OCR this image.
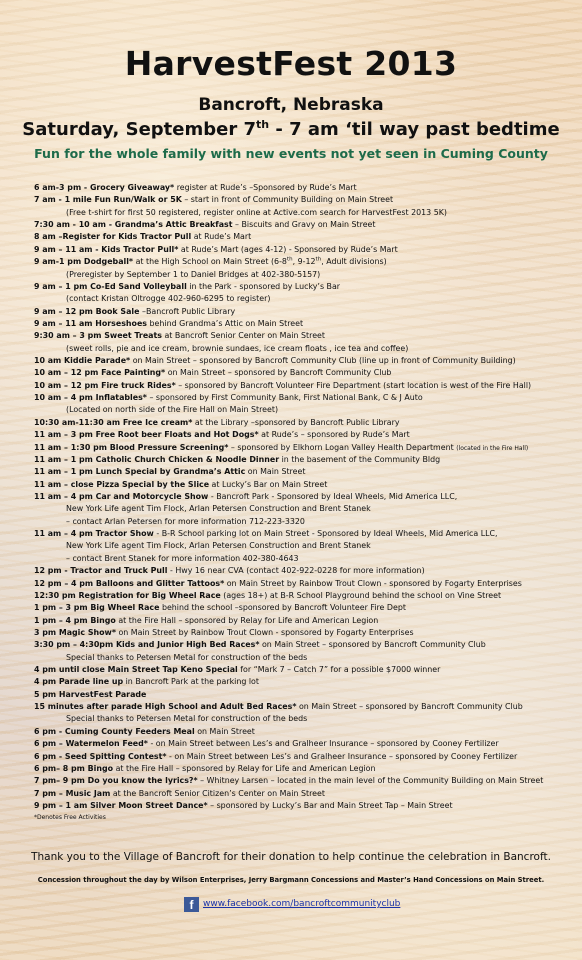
HarvestFest 2013
Bancroft, Nebraska
Saturday, September 7th - 7 am ‘til way past bedtime
Fun for the whole family with new events not yet seen in Cuming County
6 am-3 pm - Grocery Giveaway* register at Rude’s –Sponsored by Rude’s Mart
7 am - 1 mile Fun Run/Walk or 5K – start in front of Community Building on Main Street
(Free t-shirt for first 50 registered, register online at Active.com search for HarvestFest 2013 5K)
7:30 am - 10 am - Grandma’s Attic Breakfast – Biscuits and Gravy on Main Street
8 am –Register for Kids Tractor Pull at Rude’s Mart
9 am – 11 am - Kids Tractor Pull* at Rude’s Mart (ages 4-12) - Sponsored by Rude’s Mart
9 am-1 pm Dodgeball* at the High School on Main Street (6-8th, 9-12th, Adult divisions)
(Preregister by September 1 to Daniel Bridges at 402-380-5157)
9 am – 1 pm Co-Ed Sand Volleyball in the Park - sponsored by Lucky’s Bar
(contact Kristan Oltrogge 402-960-6295 to register)
9 am – 12 pm Book Sale –Bancroft Public Library
9 am – 11 am Horseshoes behind Grandma’s Attic on Main Street
9:30 am – 3 pm Sweet Treats at Bancroft Senior Center on Main Street
(sweet rolls, pie and ice cream, brownie sundaes, ice cream floats , ice tea and coffee)
10 am Kiddie Parade* on Main Street – sponsored by Bancroft Community Club (line up in front of Community Building)
10 am – 12 pm Face Painting* on Main Street – sponsored by Bancroft Community Club
10 am – 12 pm Fire truck Rides* – sponsored by Bancroft Volunteer Fire Department (start location is west of the Fire Hall)
10 am – 4 pm Inflatables* – sponsored by First Community Bank, First National Bank, C & J Auto
(Located on north side of the Fire Hall on Main Street)
10:30 am-11:30 am Free Ice cream* at the Library –sponsored by Bancroft Public Library
11 am – 3 pm Free Root beer Floats and Hot Dogs* at Rude’s – sponsored by Rude’s Mart
11 am – 1:30 pm Blood Pressure Screening* – sponsored by Elkhorn Logan Valley Health Department (located in the Fire Hall)
11 am – 1 pm Catholic Church Chicken & Noodle Dinner in the basement of the Community Bldg
11 am – 1 pm Lunch Special by Grandma’s Attic on Main Street
11 am – close Pizza Special by the Slice at Lucky’s Bar on Main Street
11 am – 4 pm Car and Motorcycle Show - Bancroft Park - Sponsored by Ideal Wheels, Mid America LLC,
New York Life agent Tim Flock, Arlan Petersen Construction and Brent Stanek
– contact Arlan Petersen for more information 712-223-3320
11 am – 4 pm Tractor Show - B-R School parking lot on Main Street - Sponsored by Ideal Wheels, Mid America LLC,
New York Life agent Tim Flock, Arlan Petersen Construction and Brent Stanek
– contact Brent Stanek for more information 402-380-4643
12 pm - Tractor and Truck Pull - Hwy 16 near CVA (contact 402-922-0228 for more information)
12 pm – 4 pm Balloons and Glitter Tattoos* on Main Street by Rainbow Trout Clown - sponsored by Fogarty Enterprises
12:30 pm Registration for Big Wheel Race (ages 18+) at B-R School Playground behind the school on Vine Street
1 pm – 3 pm Big Wheel Race behind the school –sponsored by Bancroft Volunteer Fire Dept
1 pm – 4 pm Bingo at the Fire Hall – sponsored by Relay for Life and American Legion
3 pm Magic Show* on Main Street by Rainbow Trout Clown - sponsored by Fogarty Enterprises
3:30 pm – 4:30pm Kids and Junior High Bed Races* on Main Street – sponsored by Bancroft Community Club
Special thanks to Petersen Metal for construction of the beds
4 pm until close Main Street Tap Keno Special for “Mark 7 – Catch 7” for a possible $7000 winner
4 pm Parade line up in Bancroft Park at the parking lot
5 pm HarvestFest Parade
15 minutes after parade High School and Adult Bed Races* on Main Street – sponsored by Bancroft Community Club
Special thanks to Petersen Metal for construction of the beds
6 pm - Cuming County Feeders Meal on Main Street
6 pm – Watermelon Feed* - on Main Street between Les’s and Gralheer Insurance – sponsored by Cooney Fertilizer
6 pm - Seed Spitting Contest* - on Main Street between Les’s and Gralheer Insurance – sponsored by Cooney Fertilizer
6 pm– 8 pm Bingo at the Fire Hall – sponsored by Relay for Life and American Legion
7 pm– 9 pm Do you know the lyrics?* – Whitney Larsen – located in the main level of the Community Building on Main Street
7 pm – Music Jam at the Bancroft Senior Citizen’s Center on Main Street
9 pm – 1 am Silver Moon Street Dance* – sponsored by Lucky’s Bar and Main Street Tap – Main Street
*Denotes Free Activities
Thank you to the Village of Bancroft for their donation to help continue the celebration in Bancroft.
Concession throughout the day by Wilson Enterprises, Jerry Bargmann Concessions and Master’s Hand Concessions on Main Street.
f	www.facebook.com/bancroftcommunityclub
